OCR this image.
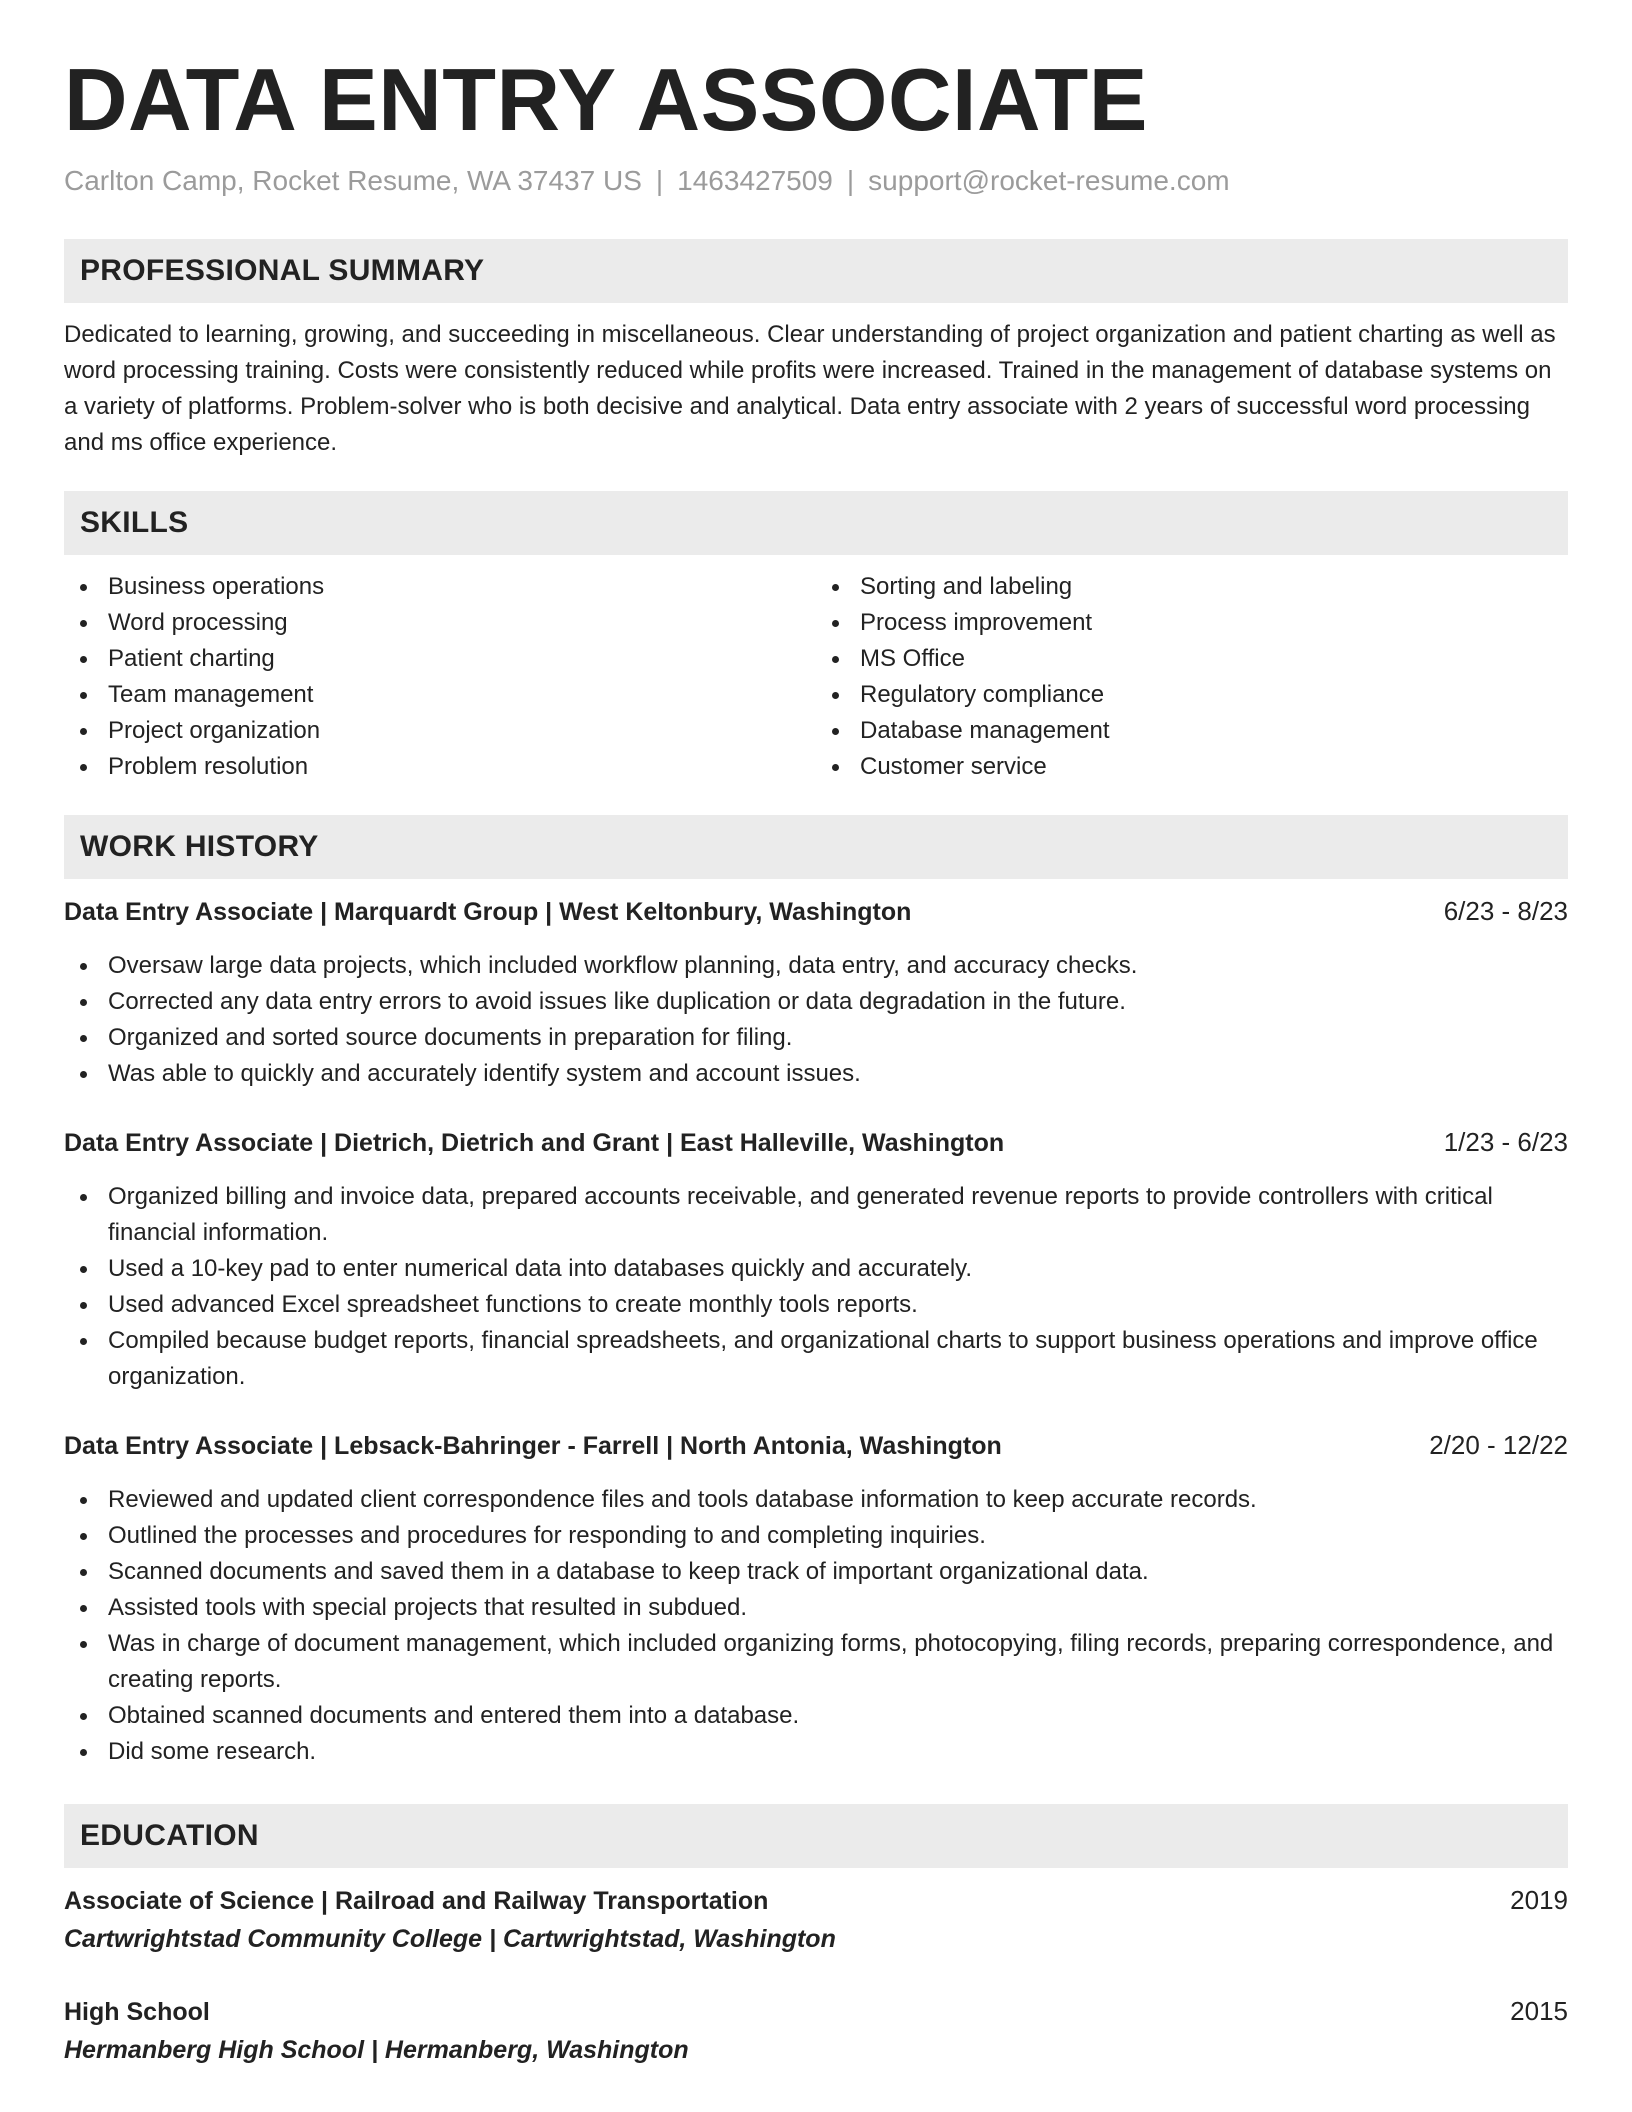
DATA ENTRY ASSOCIATE
Carlton Camp, Rocket Resume, WA 37437 US | 1463427509 | support@rocket-resume.com
PROFESSIONAL SUMMARY

Dedicated to learning, growing, and succeeding in miscellaneous. Clear understanding of project organization and patient charting as well as word processing training. Costs were consistently reduced while profits were increased. Trained in the management of database systems on a variety of platforms. Problem-solver who is both decisive and analytical. Data entry associate with 2 years of successful word processing and ms office experience.

SKILLS
Business operations
Word processing
Patient charting
Team management
Project organization
Problem resolution
Sorting and labeling
Process improvement
MS Office
Regulatory compliance
Database management
Customer service
WORK HISTORY
Data Entry Associate | Marquardt Group | West Keltonbury, Washington	6/23 - 8/23
Oversaw large data projects, which included workflow planning, data entry, and accuracy checks.
Corrected any data entry errors to avoid issues like duplication or data degradation in the future.
Organized and sorted source documents in preparation for filing.
Was able to quickly and accurately identify system and account issues.
Data Entry Associate | Dietrich, Dietrich and Grant | East Halleville, Washington	1/23 - 6/23
Organized billing and invoice data, prepared accounts receivable, and generated revenue reports to provide controllers with critical financial information.
Used a 10-key pad to enter numerical data into databases quickly and accurately.
Used advanced Excel spreadsheet functions to create monthly tools reports.
Compiled because budget reports, financial spreadsheets, and organizational charts to support business operations and improve office organization.
Data Entry Associate | Lebsack-Bahringer - Farrell | North Antonia, Washington	2/20 - 12/22
Reviewed and updated client correspondence files and tools database information to keep accurate records.
Outlined the processes and procedures for responding to and completing inquiries.
Scanned documents and saved them in a database to keep track of important organizational data.
Assisted tools with special projects that resulted in subdued.
Was in charge of document management, which included organizing forms, photocopying, filing records, preparing correspondence, and creating reports.
Obtained scanned documents and entered them into a database.
Did some research.
EDUCATION
Associate of Science | Railroad and Railway Transportation	2019
Cartwrightstad Community College | Cartwrightstad, Washington
High School	2015
Hermanberg High School | Hermanberg, Washington
